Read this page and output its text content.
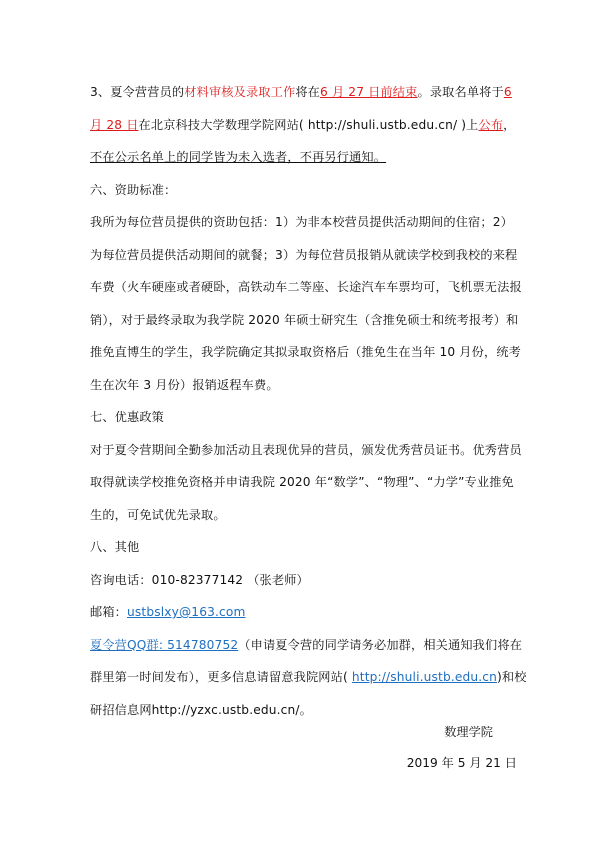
3、夏令营营员的材料审核及录取工作将在6 月 27 日前结束。录取名单将于6
月 28 日在北京科技大学数理学院网站( http://shuli.ustb.edu.cn/ )上公布，
不在公示名单上的同学皆为未入选者，不再另行通知。
六、资助标准：
我所为每位营员提供的资助包括：1）为非本校营员提供活动期间的住宿；2）
为每位营员提供活动期间的就餐；3）为每位营员报销从就读学校到我校的来程
车费（火车硬座或者硬卧，高铁动车二等座、长途汽车车票均可，飞机票无法报
销），对于最终录取为我学院 2020 年硕士研究生（含推免硕士和统考报考）和
推免直博生的学生，我学院确定其拟录取资格后（推免生在当年 10 月份，统考
生在次年 3 月份）报销返程车费。
七、优惠政策
对于夏令营期间全勤参加活动且表现优异的营员，颁发优秀营员证书。优秀营员
取得就读学校推免资格并申请我院 2020 年“数学”、“物理”、“力学”专业推免
生的，可免试优先录取。
八、其他
咨询电话：010-82377142 （张老师）
邮箱：ustbslxy@163.com
夏令营QQ群: 514780752（申请夏令营的同学请务必加群，相关通知我们将在
群里第一时间发布），更多信息请留意我院网站( http://shuli.ustb.edu.cn)和校
研招信息网http://yzxc.ustb.edu.cn/。
数理学院
2019 年 5 月 21 日
